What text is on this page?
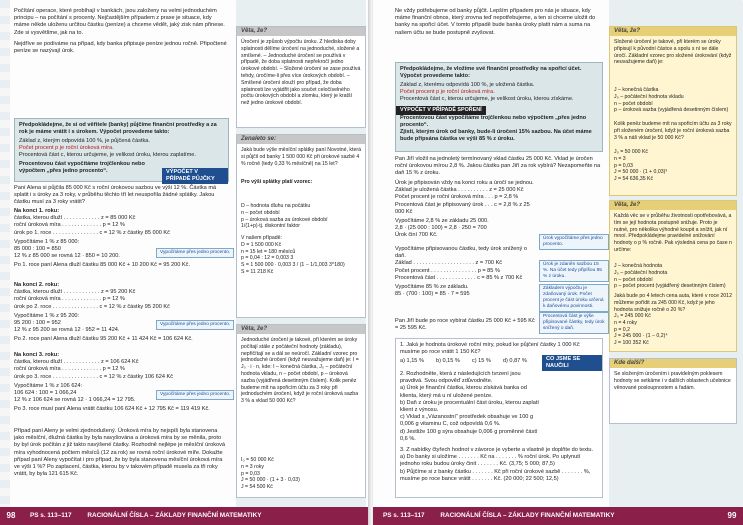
Počítání operace, které probíhají v bankách, jsou založeny na velmi jednoduchém principu – na počítání s procenty. Nejčastějším případem z praxe je situace, kdy máme někde uloženu určitou částku (peníze) a chceme vědět, jaký zisk nám přinese. Zde si vysvětlíme, jak na to.

Nejdříve se podíváme na případ, kdy banka připisuje peníze jednou ročně. Připočtené peníze se nazývají úrok.

Předpokládejme, že si od věřitele (banky) půjčíme finanční prostředky a za rok je máme vrátit i s úrokem. Výpočet provedeme takto:
Základ z, kterým odpovídá 100 %, je půjčená částka.
Počet procent p je roční úroková míra.
Procentová část c, kterou určujeme, je velikost úroku, kterou zaplatíme.
Procentovou část vypočítáme trojčlenkou nebo výpočtem „přes jedno procento“.	VÝPOČET V PŘÍPADĚ PŮJČKY
Paní Alena si půjčila 85 000 Kč s roční úrokovou sazbou ve výši 12 %. Částka má splatit i s úroky za 3 roky, v průběhu těchto tří let neuspořila žádné splátky. Jakou částku musí za 3 roky vrátit?
Na konci 1. roku:
částka, kterou dluží . . . . . . . . . . . . z = 85 000 Kč
roční úroková míra . . . . . . . . . . . . . p = 12 %
úrok po 1. roce . . . . . . . . . . . . . . . c = 12 % z částky 85 000 Kč
Vypočítáme 1 % z 85 000:
85 000 : 100 = 850
12 % z 85 000 se rovná 12 · 850 = 10 200.
Po 1. roce paní Alena dluží částku 85 000 Kč + 10 200 Kč = 95 200 Kč.
Vypočítáme přes jedno procento.
Na konci 2. roku:
částka, kterou dluží . . . . . . . . . . . . z = 95 200 Kč
roční úroková míra . . . . . . . . . . . . . p = 12 %
úrok po 2. roce . . . . . . . . . . . . . . . c = 12 % z částky 95 200 Kč
Vypočítáme 1 % z 95 200:
95 200 : 100 = 952
12 % z 95 200 se rovná 12 · 952 = 11 424.
Po 2. roce paní Alena dluží částku 95 200 Kč + 11 424 Kč = 106 624 Kč.
Vypočítáme přes jedno procento.
Na konci 3. roku:
částka, kterou dluží . . . . . . . . . . . . z = 106 624 Kč
roční úroková míra . . . . . . . . . . . . . p = 12 %
úrok po 3. roce . . . . . . . . . . . . . . . c = 12 % z částky 106 624 Kč
Vypočítáme 1 % z 106 624:
106 624 : 100 = 1 066,24
12 % z 106 624 se rovná 12 · 1 066,24 = 12 795.
Po 3. roce musí paní Alena vrátit částku 106 624 Kč + 12 795 Kč = 119 419 Kč.
Vypočítáme přes jedno procento.
Případ paní Aleny je velmi zjednodušený. Úroková míra by nejspíš byla stanovena jako měsíční, dlužná částka by byla navyšována a úroková míra by se měnila, proto by byl úrok počítán z již takto navýšené částky. Rozhodně nejlépe je měsíční úroková míra vyhodnocená počtem měsíců (12 za rok) se rovná roční úrokové míře. Dokažte případ paní Aleny vypočítat i pro případ, že by byla stanovena měsíční úroková míra ve výši 1 %? Po zaplacení, částka, kterou by v takovém případě musela za tři roky vrátit, by byla 121 615 Kč.
Věta, že?
Úročení je způsob výpočtu úroku. Z hlediska doby splatnosti dělíme úročení na jednoduché, složené a smíšené. – Jednoduché úročení se používá v případě, že doba splatnosti nepřekročí jedno úrokové období. – Složené úročení se zase používá tehdy, úročíme-li přes více úrokových období. – Smíšené úročení slouží pro případ, že doba splatnosti lze vyjádřit jako součet celočíselného počtu úrokových období a zlomku, který je kratší než jedno úrokové období.
Zenaleto se:
Jaká bude výše měsíční splátky paní Novotné, která si půjčil od banky 1 500 000 Kč při úrokové sazbě 4 % ročně (tedy 0,33 % měsíčně) na 15 let?
Pro výši splátky platí vzorec:
D – hodnota dluhu na počátku
n – počet období
p – úroková sazba za úrokové období
1/(1+p)·tj. diskontní faktor
V našem případě:
D = 1 500 000 Kč
n = 15 let = 180 měsíců
p = 0,04 : 12 = 0,003 3
S = 1 500 000 · 0,003 3 / (1 − 1/1,003 3^180)
S = 11 218 Kč
Věta, že?
Jednoduché úročení je takové, při kterém se úroky počítají stále z počáteční hodnoty (základu), nepřičítají se a dál se neúročí. Základní vzorec pro jednoduché úročení (když neuvažujeme daň) je: I = J₀ · i · n, kde: I – konečná částka, J₀ – počáteční hodnota vkladu, n – počet období, p – úroková sazba (vyjádřená desetinným číslem). Kolik peněz budeme mít na spořicím účtu za 3 roky při jednoduchém úročení, když je roční úroková sazba 3 % a vklad 50 000 Kč?
I₀ = 50 000 Kč
n = 3 roky
p = 0,03
J = 50 000 · (1 + 3 · 0,03)
J = 54 500 Kč
98	PS s. 113–117 RACIONÁLNÍ ČÍSLA – ZÁKLADY FINANČNÍ MATEMATIKY
Ne vždy potřebujeme od banky půjčit. Lepším případem pro nás je situace, kdy máme finanční obnos, který zrovna teď nepotřebujeme, a ten si chceme uložit do banky na spořicí účet. V tomto případě bude banka úroky platit nám a suma na našem účtu se bude postupně zvyšovat.
Předpokládejme, že vložíme své finanční prostředky na spořicí účet. Výpočet provedeme takto:
Základ z, kterému odpovídá 100 %, je uložená částka.
Počet procent p je roční úroková míra.
Procentová část c, kterou určujeme, je velikost úroku, kterou získáme.
VÝPOČET V PŘÍPADĚ SPOŘENÍ
Procentovou část vypočítáme trojčlenkou nebo výpočtem „přes jedno procento“.
Zjisti, kterým úrok od banky, bude-li úročení 15% sazbou. Na účet máme bude připsána částka ve výši 85 % z úroku.
Pan Jiří vložil na jednoletý termínovaný vklad částku 25 000 Kč. Vklad je úročen roční úrokovou mírou 2,8 %. Jakou částku pan Jiří za rok vybírá? Nezapomeňte na daň 15 % z úroku.
Úrok je připisován vždy na konci roku a úročí se jednou.
Základ je uložená částka . . . . . . . . . . z = 25 000 Kč
Počet procent je roční úroková míra . . . p = 2,8 %
Procentová část je připisovaný úrok . . . c = 2,8 % z 25 000 Kč
Vypočítáme 2,8 % ze základu 25 000.
2,8 · (25 000 : 100) = 2,8 · 250 = 700
Úrok činí 700 Kč.
Úrok vypočítáme přes jedno procento.
Vypočítáme připisovanou částku, tedy úrok snížený o daň.
Základ . . . . . . . . . . . . . . . . . . . . z = 700 Kč
Počet procent . . . . . . . . . . . . . . . p = 85 %
Procentová část . . . . . . . . . . . . . c = 85 % z 700 Kč
Vypočítáme 85 % ze základu.
85 · (700 : 100) = 85 · 7 = 595
Úrok je zdaněn sazbou 15 %. Na účet tedy připíšou 85 % z úroku.
Základem výpočtu je zdaňovaný úrok. Počet procent je část úroku určená k daňovému povinnosti.
Procentová část je výše připisované částky, tedy úrok snížený o daň.
Pan Jiří bude po roce vybírat částku 25 000 Kč + 595 Kč = 25 595 Kč.
1. Jaká je hodnota úrokové roční míry, pokud ke půjčení částky 1 000 Kč musíme po roce vrátit 1 150 Kč?
a) 1,15 % b) 0,15 % c) 15 % d) 0,87 %
2. Rozhodněte, která z následujících tvrzení jsou pravdivá. Svou odpověď zdůvodněte.
a) Úrok je finanční částka, kterou získává banka od klienta, který má u ní uložené peníze.
b) Daň z úroku je procentuální část úroku, kterou zaplatí klient z výnosu.
c) Vklad s „Vázanostní“ prostředek obsahuje ve 100 g 0,006 g vitaminu C, což odpovídá 0,6 %.
d) Jestliže 100 g sýra obsahuje 0,006 g proměnné částí 0,6 %.
CO JSME SE NAUČILI
3. Z nabídky čtyřech hodnot v závorce je vyberte a vlastně je doplňte do textu.
a) Do banky si uložíme . . . . . . . Kč na . . . . . . . % roční úrok. Po uplynutí jednoho roku budou úroky činit . . . . . . . Kč. (3,75; 5 000; 87,5)
b) Půjčíme si z banky částku . . . . . . . Kč při roční úrokové sazbě . . . . . . . %, musíme po roce bance vrátit . . . . . . . Kč. (20 000; 22 500; 12,5)
Věta, že?
Složené úročení je takové, při kterém se úroky připisují k původní částce a spolu s ní se dále úročí. Základní vzorec pro složené úrokování (když neuvažujeme daň) je:
J – konečná částka
J₀ – počáteční hodnota vkladu
n – počet období
p – úroková sazba (vyjádřená desetinným číslem)
Kolik peněz budeme mít na spořicím účtu za 3 roky při složeném úročení, když je roční úroková sazba 3 % a náš vklad je 50 000 Kč?
J₀ = 50 000 Kč
n = 3
p = 0,03
J = 50 000 · (1 + 0,03)³
J = 54 636,35 Kč
Věta, že?
Každá věc se v průběhu životnosti opotřebovává, a tím se její hodnota postupně snižuje. Proto je nutné, pro několika výhodné koupit a snížit, jak ní mnoí. Předpokládejme pravidelné snižování hodnoty o p % ročně. Pak výsledná cena po čase n určíme:
J – konečná hodnota
J₀ – počáteční hodnota
n – počet období
p – počet procent (vyjádřený desetinným číslem)
Jaká bude po 4 letech cena auta, které v roce 2012 můžeme pořídit za 245 000 Kč, když je jeho hodnota snižuje ročně o 20 %?
J₀ = 245 000 Kč
n = 4 roky
p = 0,2
J = 245 000 · (1 − 0,2)⁴
J = 100 352 Kč
Kde další?
Se složeným úročením i pravidelným poklesem hodnoty se setkáme i v dalších oblastech učebnice věnované posloupnostem a řadám.
PS s. 113–117 RACIONÁLNÍ ČÍSLA – ZÁKLADY FINANČNÍ MATEMATIKY	99
